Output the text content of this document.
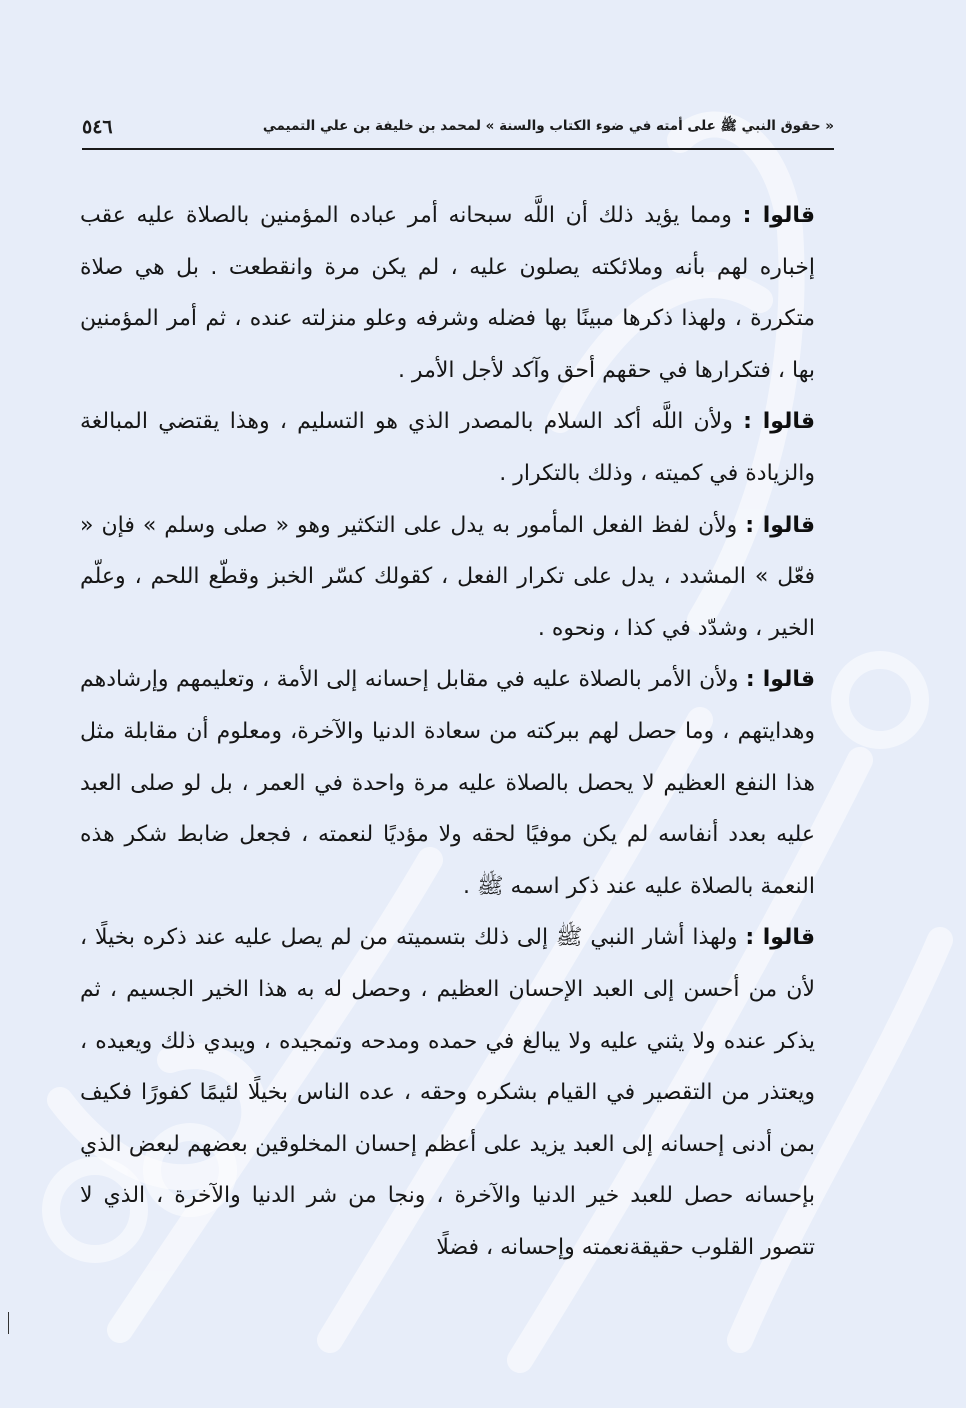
٥٤٦	« حقوق النبي ﷺ على أمته في ضوء الكتاب والسنة » لمحمد بن خليفة بن علي التميمي

قالوا : ومما يؤيد ذلك أن اللَّه سبحانه أمر عباده المؤمنين بالصلاة عليه عقب إخباره لهم بأنه وملائكته يصلون عليه ، لم يكن مرة وانقطعت . بل هي صلاة متكررة ، ولهذا ذكرها مبينًا بها فضله وشرفه وعلو منزلته عنده ، ثم أمر المؤمنين بها ، فتكرارها في حقهم أحق وآكد لأجل الأمر .

قالوا : ولأن اللَّه أكد السلام بالمصدر الذي هو التسليم ، وهذا يقتضي المبالغة والزيادة في كميته ، وذلك بالتكرار .

قالوا : ولأن لفظ الفعل المأمور به يدل على التكثير وهو « صلى وسلم » فإن « فعّل » المشدد ، يدل على تكرار الفعل ، كقولك كسّر الخبز وقطّع اللحم ، وعلّم الخير ، وشدّد في كذا ، ونحوه .

قالوا : ولأن الأمر بالصلاة عليه في مقابل إحسانه إلى الأمة ، وتعليمهم وإرشادهم وهدايتهم ، وما حصل لهم ببركته من سعادة الدنيا والآخرة، ومعلوم أن مقابلة مثل هذا النفع العظيم لا يحصل بالصلاة عليه مرة واحدة في العمر ، بل لو صلى العبد عليه بعدد أنفاسه لم يكن موفيًا لحقه ولا مؤديًا لنعمته ، فجعل ضابط شكر هذه النعمة بالصلاة عليه عند ذكر اسمه ﷺ .

قالوا : ولهذا أشار النبي ﷺ إلى ذلك بتسميته من لم يصل عليه عند ذكره بخيلًا ، لأن من أحسن إلى العبد الإحسان العظيم ، وحصل له به هذا الخير الجسيم ، ثم يذكر عنده ولا يثني عليه ولا يبالغ في حمده ومدحه وتمجيده ، ويبدي ذلك ويعيده ، ويعتذر من التقصير في القيام بشكره وحقه ، عده الناس بخيلًا لئيمًا كفورًا فكيف بمن أدنى إحسانه إلى العبد يزيد على أعظم إحسان المخلوقين بعضهم لبعض الذي بإحسانه حصل للعبد خير الدنيا والآخرة ، ونجا من شر الدنيا والآخرة ، الذي لا تتصور القلوب حقيقةنعمته وإحسانه ، فضلًا
